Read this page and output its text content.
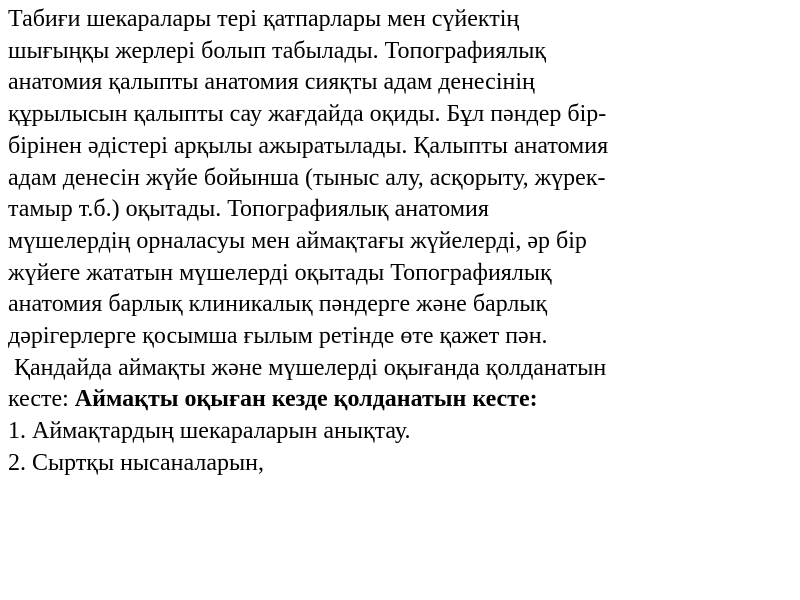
Табиғи шекаралары тері қатпарлары мен сүйектің
шығыңқы жерлері болып табылады. Топографиялық
анатомия қалыпты анатомия сияқты адам денесінің
құрылысын қалыпты сау жағдайда оқиды. Бұл пәндер бір-
бірінен әдістері арқылы ажыратылады. Қалыпты анатомия
адам денесін жүйе бойынша (тыныс алу, асқорыту, жүрек-
тамыр т.б.) оқытады. Топографиялық анатомия
мүшелердің орналасуы мен аймақтағы жүйелерді, әр бір
жүйеге жататын мүшелерді оқытады Топографиялық
анатомия барлық клиникалық пәндерге және барлық
дәрігерлерге қосымша ғылым ретінде өте қажет пән.
Қандайда аймақты және мүшелерді оқығанда қолданатын
кесте: Аймақты оқыған кезде қолданатын кесте:
1. Аймақтардың шекараларын анықтау.
2. Сыртқы нысаналарын,
